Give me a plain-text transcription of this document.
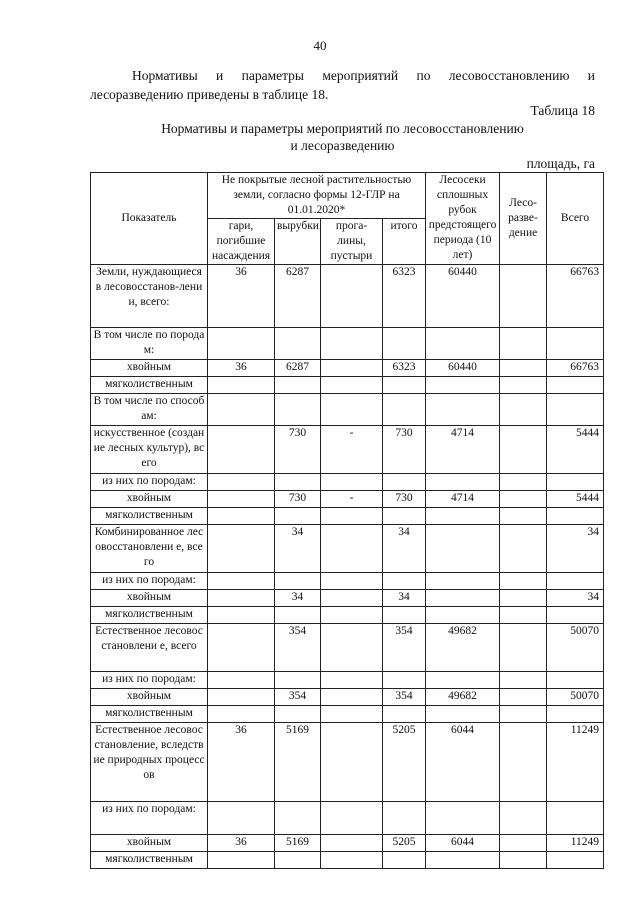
40
Нормативы и параметры мероприятий по лесовосстановлению и
лесоразведению приведены в таблице 18.
Таблица 18
Нормативы и параметры мероприятий по лесовосстановлению
и лесоразведению
площадь, га
Показатель	Не покрытые лесной растительностью земли, согласно формы 12-ГЛР на 01.01.2020*				Лесосеки сплошных рубок предстоящего периода (10 лет)	Лесо-разве-дение	Всего
	гари, погибшие насаждения	вырубки	прога-лины, пустыри	итого			
Земли, нуждающиеся в лесовосстанов-лении, всего:	36	6287		6323	60440		66763
В том числе по породам:							
хвойным	36	6287		6323	60440		66763
мягколиственным							
В том числе по способам:							
искусственное (создание лесных культур), всего		730	-	730	4714		5444
из них по породам:							
хвойным		730	-	730	4714		5444
мягколиственным							
Комбинированное лесовосстановлени е, всего		34		34			34
из них по породам:							
хвойным		34		34			34
мягколиственным							
Естественное лесовосстановлени е, всего		354		354	49682		50070
из них по породам:							
хвойным		354		354	49682		50070
мягколиственным							
Естественное лесовосстановление, вследствие природных процессов	36	5169		5205	6044		11249
из них по породам:							
хвойным	36	5169		5205	6044		11249
мягколиственным							
